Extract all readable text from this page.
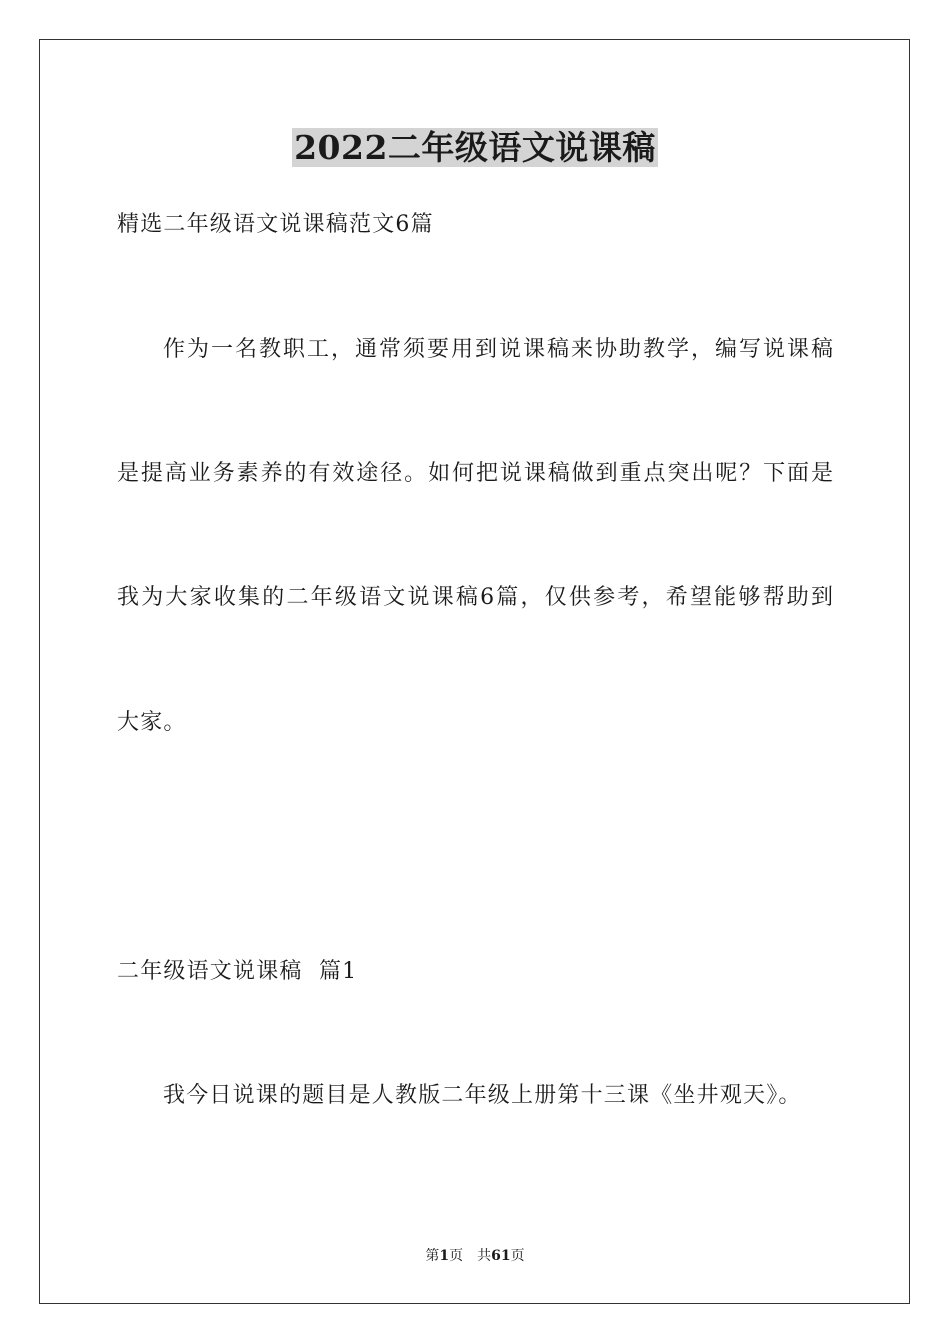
2022二年级语文说课稿
精选二年级语文说课稿范文6篇
作为一名教职工，通常须要用到说课稿来协助教学，编写说课稿
是提高业务素养的有效途径。如何把说课稿做到重点突出呢？下面是
我为大家收集的二年级语文说课稿6篇，仅供参考，希望能够帮助到
大家。
二年级语文说课稿  篇1
我今日说课的题目是人教版二年级上册第十三课《坐井观天》。
第1页 共61页
